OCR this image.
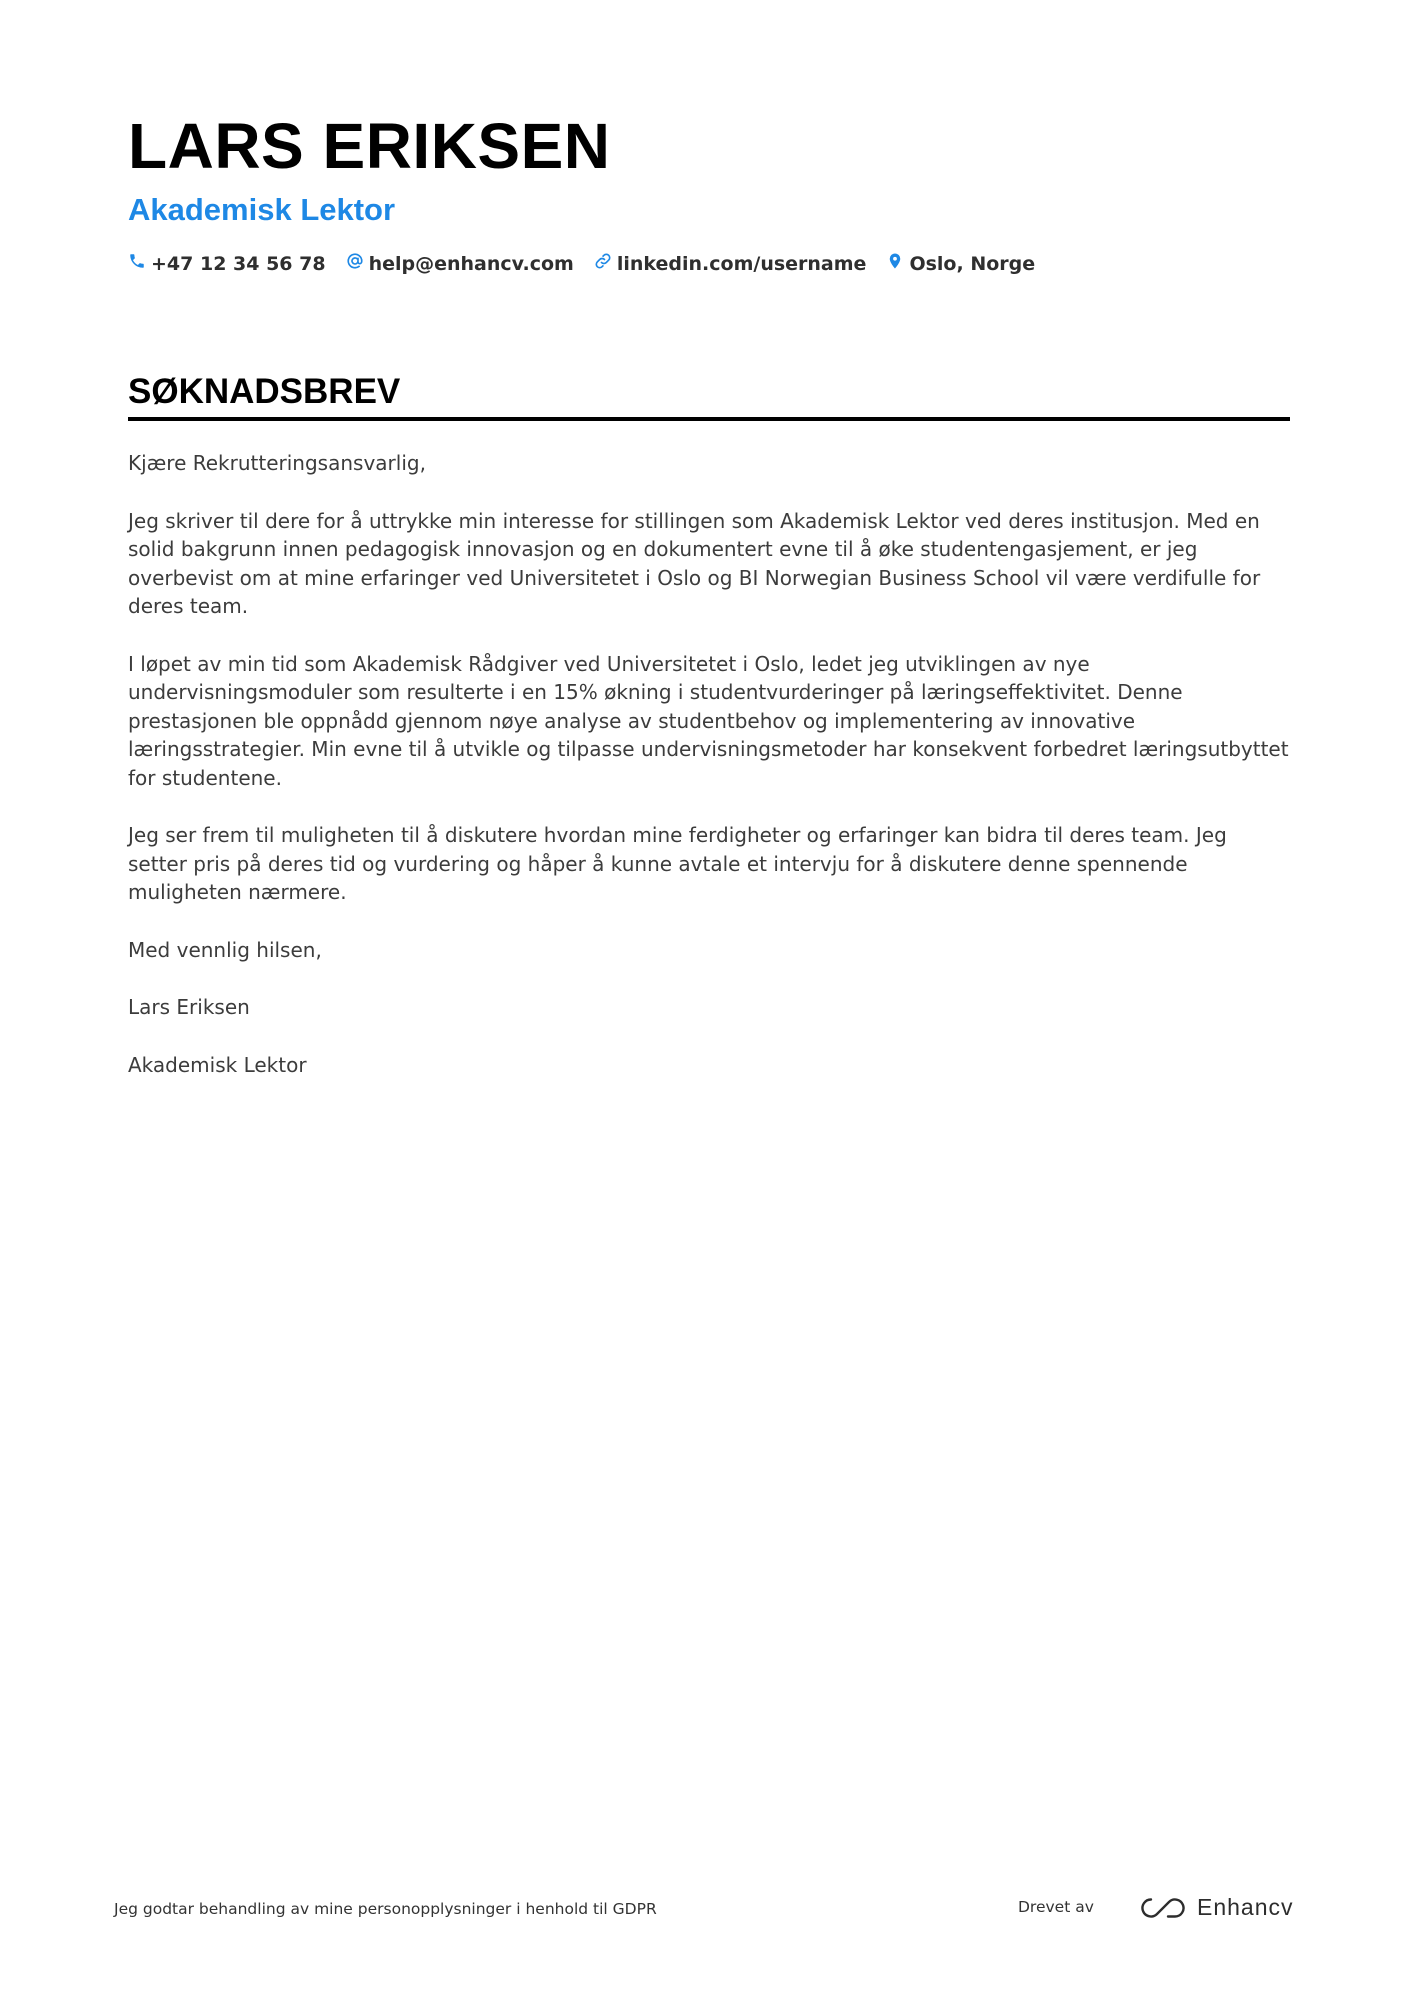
LARS ERIKSEN
Akademisk Lektor
+47 12 34 56 78 help@enhancv.com linkedin.com/username Oslo, Norge
SØKNADSBREV

Kjære Rekrutteringsansvarlig,

Jeg skriver til dere for å uttrykke min interesse for stillingen som Akademisk Lektor ved deres institusjon. Med en solid bakgrunn innen pedagogisk innovasjon og en dokumentert evne til å øke studentengasjement, er jeg overbevist om at mine erfaringer ved Universitetet i Oslo og BI Norwegian Business School vil være verdifulle for deres team.

I løpet av min tid som Akademisk Rådgiver ved Universitetet i Oslo, ledet jeg utviklingen av nye undervisningsmoduler som resulterte i en 15% økning i studentvurderinger på læringseffektivitet. Denne prestasjonen ble oppnådd gjennom nøye analyse av studentbehov og implementering av innovative læringsstrategier. Min evne til å utvikle og tilpasse undervisningsmetoder har konsekvent forbedret læringsutbyttet for studentene.

Jeg ser frem til muligheten til å diskutere hvordan mine ferdigheter og erfaringer kan bidra til deres team. Jeg setter pris på deres tid og vurdering og håper å kunne avtale et intervju for å diskutere denne spennende muligheten nærmere.

Med vennlig hilsen,

Lars Eriksen

Akademisk Lektor

Jeg godtar behandling av mine personopplysninger i henhold til GDPR	Drevet av	Enhancv
